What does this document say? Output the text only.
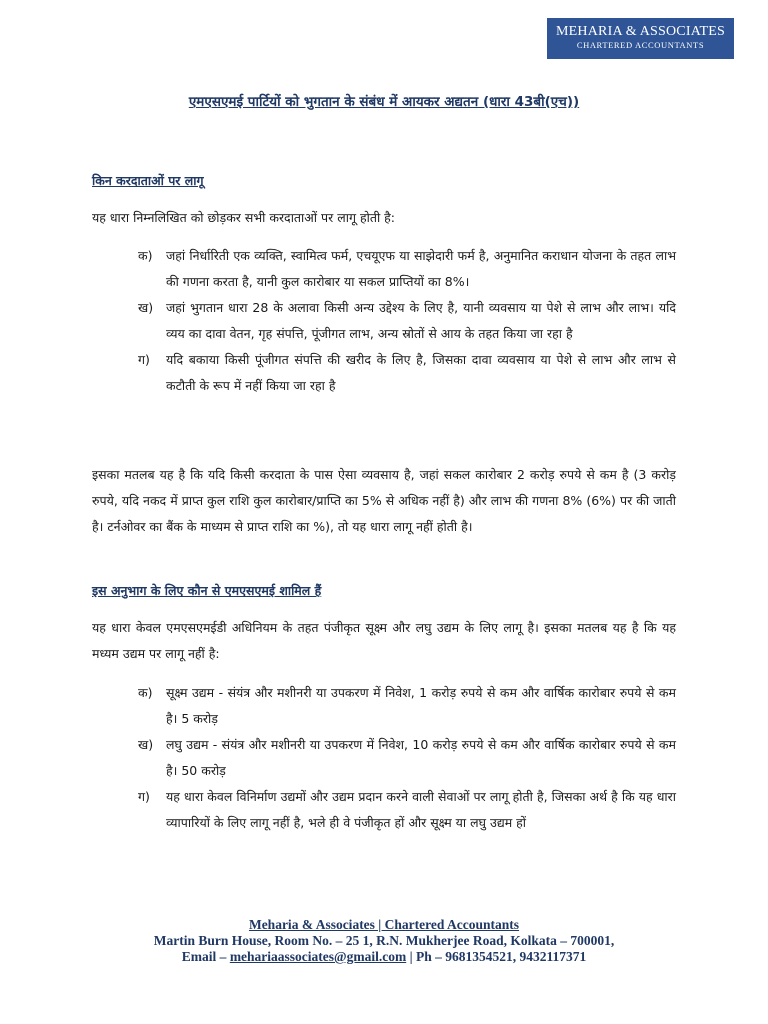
MEHARIA & ASSOCIATES
CHARTERED ACCOUNTANTS
एमएसएमई पार्टियों को भुगतान के संबंध में आयकर अद्यतन (धारा 43बी(एच))
किन करदाताओं पर लागू

यह धारा निम्नलिखित को छोड़कर सभी करदाताओं पर लागू होती है:

क) जहां निर्धारिती एक व्यक्ति, स्वामित्व फर्म, एचयूएफ या साझेदारी फर्म है, अनुमानित कराधान योजना के तहत लाभ की गणना करता है, यानी कुल कारोबार या सकल प्राप्तियों का 8%।
ख) जहां भुगतान धारा 28 के अलावा किसी अन्य उद्देश्य के लिए है, यानी व्यवसाय या पेशे से लाभ और लाभ। यदि व्यय का दावा वेतन, गृह संपत्ति, पूंजीगत लाभ, अन्य स्रोतों से आय के तहत किया जा रहा है
ग) यदि बकाया किसी पूंजीगत संपत्ति की खरीद के लिए है, जिसका दावा व्यवसाय या पेशे से लाभ और लाभ से कटौती के रूप में नहीं किया जा रहा है

इसका मतलब यह है कि यदि किसी करदाता के पास ऐसा व्यवसाय है, जहां सकल कारोबार 2 करोड़ रुपये से कम है (3 करोड़ रुपये, यदि नकद में प्राप्त कुल राशि कुल कारोबार/प्राप्ति का 5% से अधिक नहीं है) और लाभ की गणना 8% (6%) पर की जाती है। टर्नओवर का बैंक के माध्यम से प्राप्त राशि का %), तो यह धारा लागू नहीं होती है।

इस अनुभाग के लिए कौन से एमएसएमई शामिल हैं

यह धारा केवल एमएसएमईडी अधिनियम के तहत पंजीकृत सूक्ष्म और लघु उद्यम के लिए लागू है। इसका मतलब यह है कि यह मध्यम उद्यम पर लागू नहीं है:

क) सूक्ष्म उद्यम - संयंत्र और मशीनरी या उपकरण में निवेश, 1 करोड़ रुपये से कम और वार्षिक कारोबार रुपये से कम है। 5 करोड़
ख) लघु उद्यम - संयंत्र और मशीनरी या उपकरण में निवेश, 10 करोड़ रुपये से कम और वार्षिक कारोबार रुपये से कम है। 50 करोड़
ग) यह धारा केवल विनिर्माण उद्यमों और उद्यम प्रदान करने वाली सेवाओं पर लागू होती है, जिसका अर्थ है कि यह धारा व्यापारियों के लिए लागू नहीं है, भले ही वे पंजीकृत हों और सूक्ष्म या लघु उद्यम हों
Meharia & Associates | Chartered Accountants
Martin Burn House, Room No. – 25 1, R.N. Mukherjee Road, Kolkata – 700001,
Email – mehariaassociates@gmail.com | Ph – 9681354521, 9432117371
